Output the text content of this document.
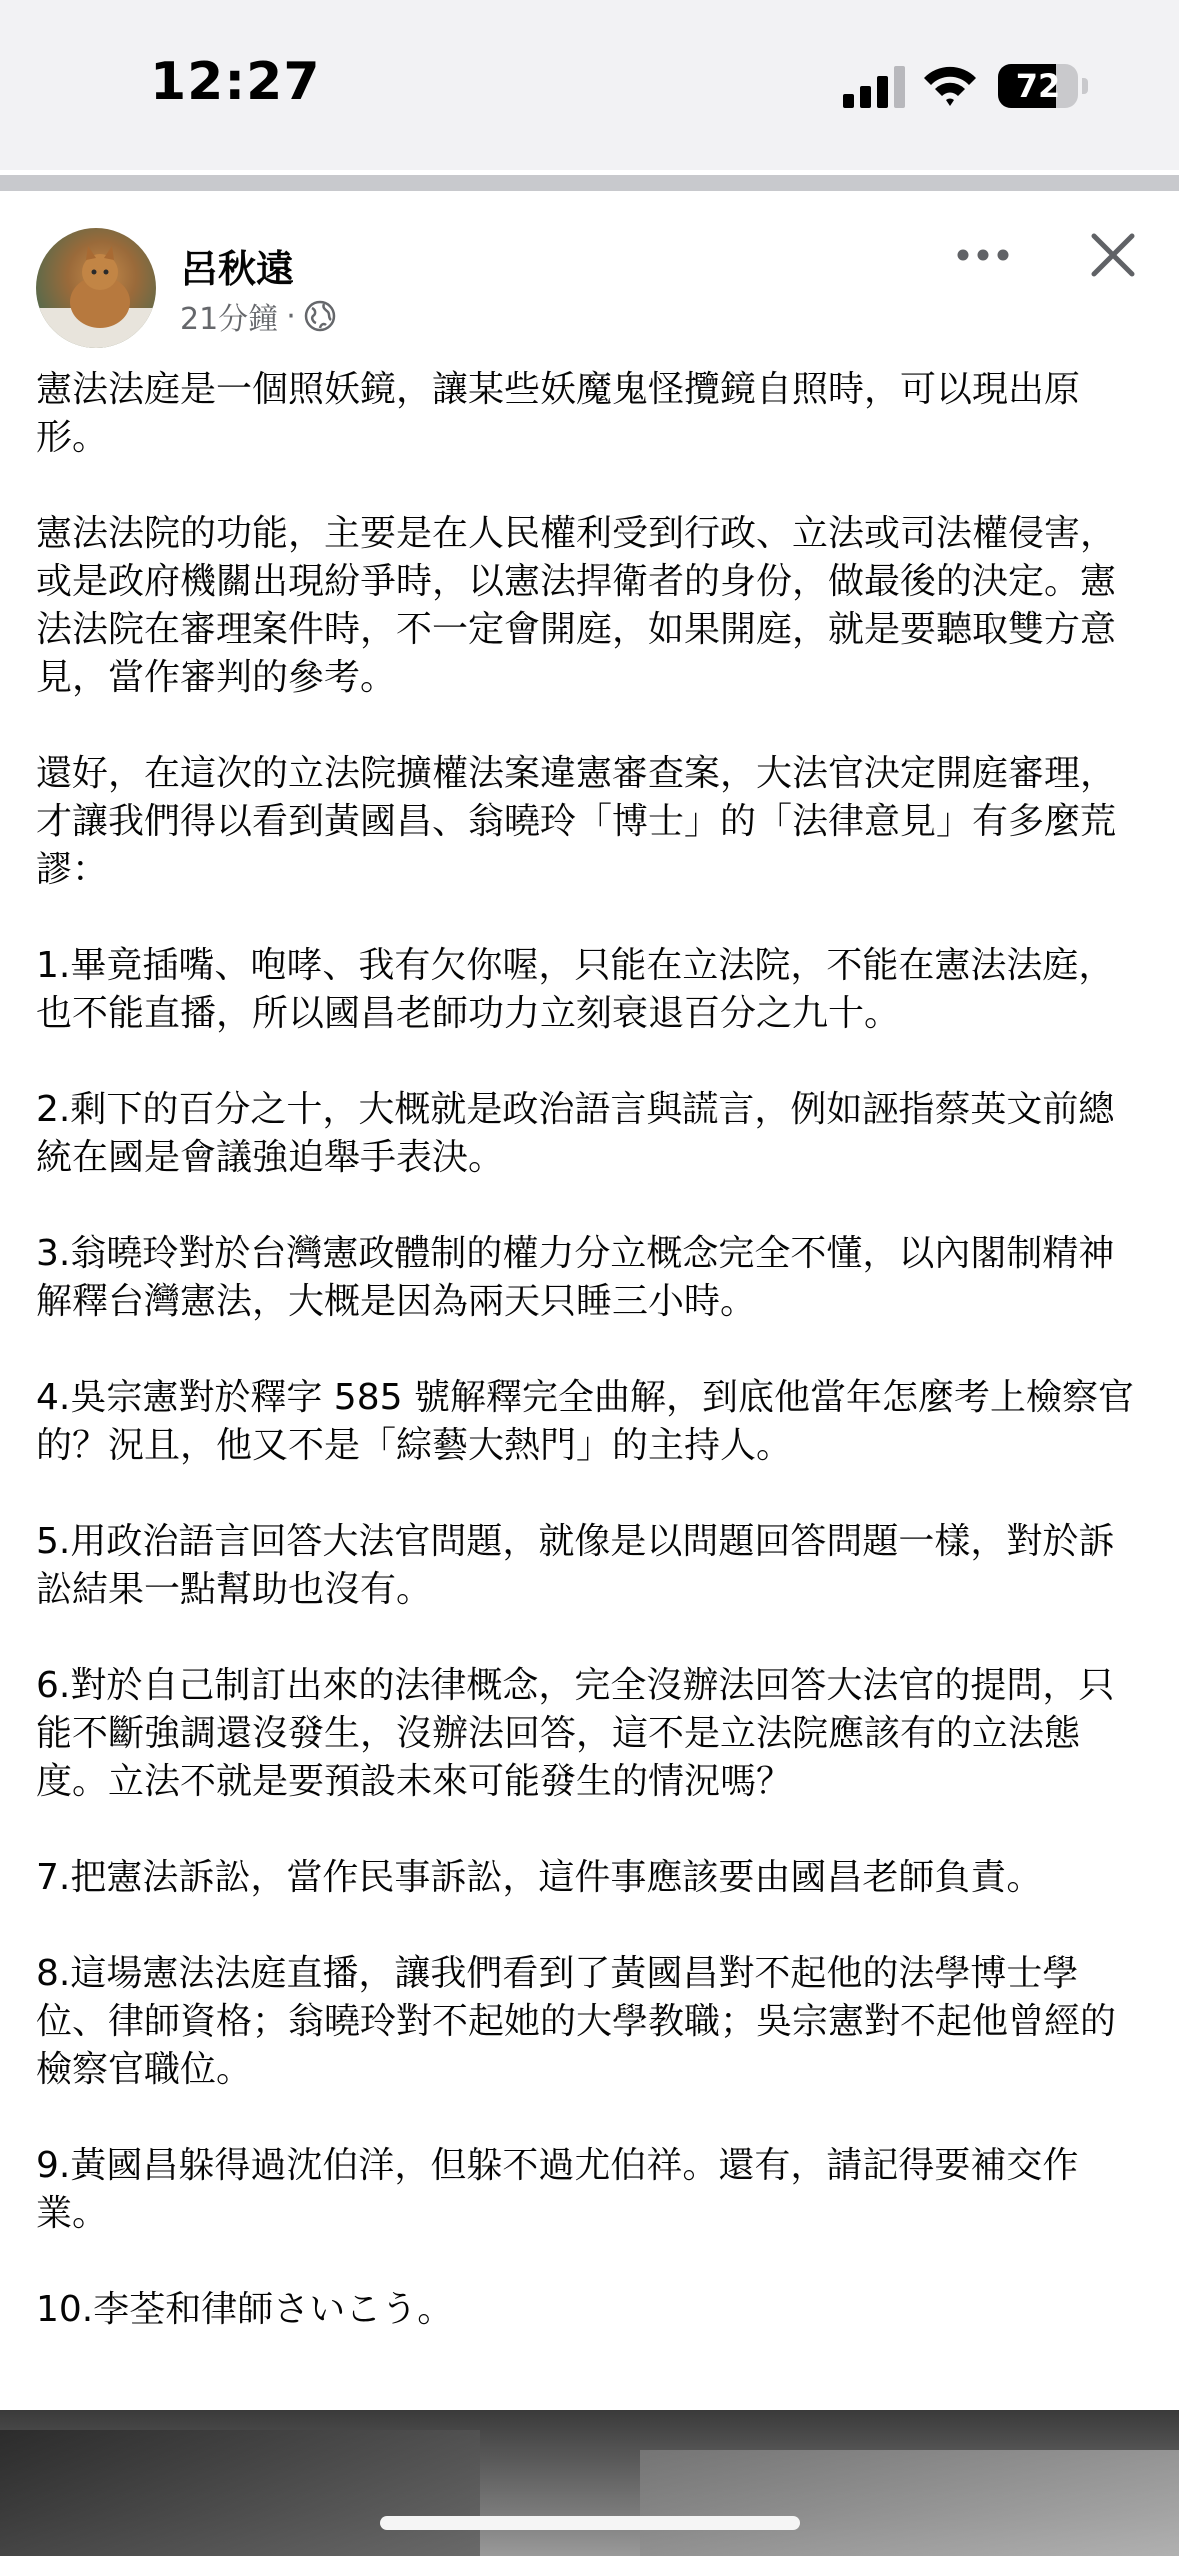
12:27	72
呂秋遠
21分鐘 ·

憲法法庭是一個照妖鏡，讓某些妖魔鬼怪攬鏡自照時，可以現出原形。

憲法法院的功能，主要是在人民權利受到行政、立法或司法權侵害，或是政府機關出現紛爭時，以憲法捍衛者的身份，做最後的決定。憲法法院在審理案件時，不一定會開庭，如果開庭，就是要聽取雙方意見，當作審判的參考。

還好，在這次的立法院擴權法案違憲審查案，大法官決定開庭審理，才讓我們得以看到黃國昌、翁曉玲「博士」的「法律意見」有多麼荒謬：

1.畢竟插嘴、咆哮、我有欠你喔，只能在立法院，不能在憲法法庭，也不能直播，所以國昌老師功力立刻衰退百分之九十。

2.剩下的百分之十，大概就是政治語言與謊言，例如誣指蔡英文前總統在國是會議強迫舉手表決。

3.翁曉玲對於台灣憲政體制的權力分立概念完全不懂，以內閣制精神解釋台灣憲法，大概是因為兩天只睡三小時。

4.吳宗憲對於釋字 585 號解釋完全曲解，到底他當年怎麼考上檢察官的？況且，他又不是「綜藝大熱門」的主持人。

5.用政治語言回答大法官問題，就像是以問題回答問題一樣，對於訴訟結果一點幫助也沒有。

6.對於自己制訂出來的法律概念，完全沒辦法回答大法官的提問，只能不斷強調還沒發生，沒辦法回答，這不是立法院應該有的立法態度。立法不就是要預設未來可能發生的情況嗎？

7.把憲法訴訟，當作民事訴訟，這件事應該要由國昌老師負責。

8.這場憲法法庭直播，讓我們看到了黃國昌對不起他的法學博士學位、律師資格；翁曉玲對不起她的大學教職；吳宗憲對不起他曾經的檢察官職位。

9.黃國昌躲得過沈伯洋，但躲不過尤伯祥。還有，請記得要補交作業。

10.李荃和律師さいこう。
